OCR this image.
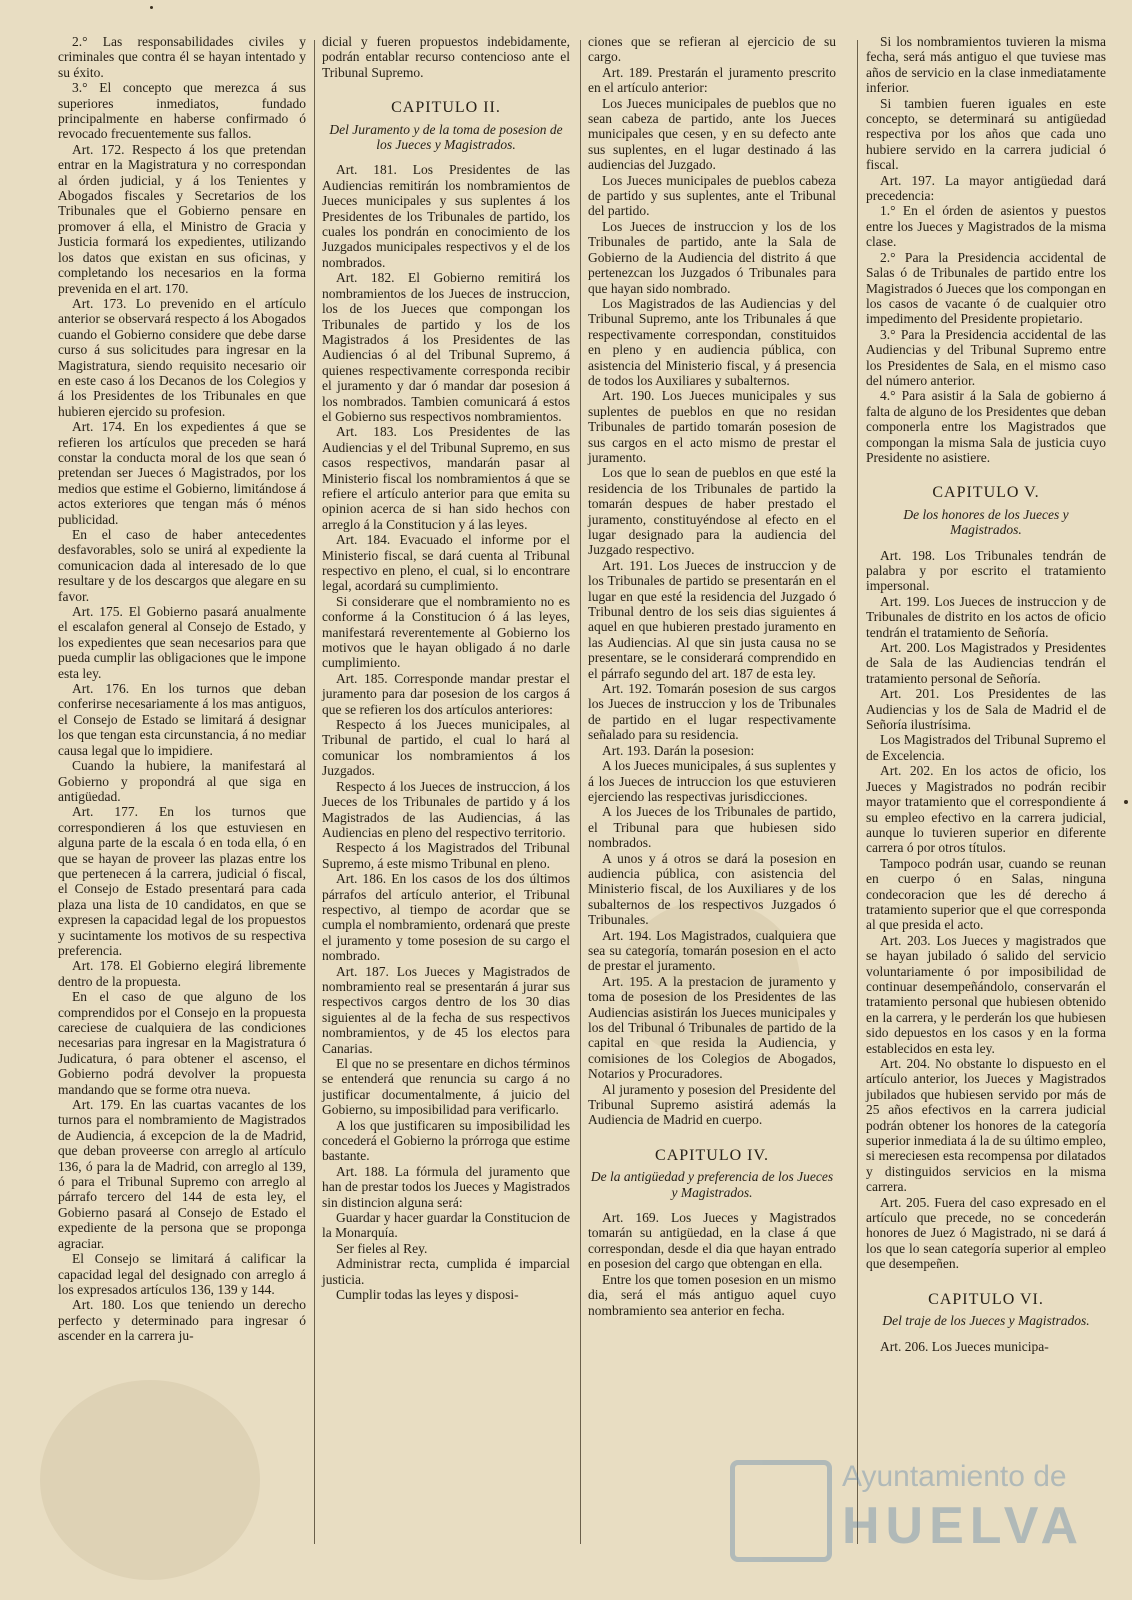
2.° Las responsabilidades civiles y criminales que contra él se hayan intentado y su éxito.

3.° El concepto que merezca á sus superiores inmediatos, fundado principalmente en haberse confirmado ó revocado frecuentemente sus fallos.

Art. 172. Respecto á los que pretendan entrar en la Magistratura y no correspondan al órden judicial, y á los Tenientes y Abogados fiscales y Secretarios de los Tribunales que el Gobierno pensare en promover á ella, el Ministro de Gracia y Justicia formará los expedientes, utilizando los datos que existan en sus oficinas, y completando los necesarios en la forma prevenida en el art. 170.

Art. 173. Lo prevenido en el artículo anterior se observará respecto á los Abogados cuando el Gobierno considere que debe darse curso á sus solicitudes para ingresar en la Magistratura, siendo requisito necesario oir en este caso á los Decanos de los Colegios y á los Presidentes de los Tribunales en que hubieren ejercido su profesion.

Art. 174. En los expedientes á que se refieren los artículos que preceden se hará constar la conducta moral de los que sean ó pretendan ser Jueces ó Magistrados, por los medios que estime el Gobierno, limitándose á actos exteriores que tengan más ó ménos publicidad.

En el caso de haber antecedentes desfavorables, solo se unirá al expediente la comunicacion dada al interesado de lo que resultare y de los descargos que alegare en su favor.

Art. 175. El Gobierno pasará anualmente el escalafon general al Consejo de Estado, y los expedientes que sean necesarios para que pueda cumplir las obligaciones que le impone esta ley.

Art. 176. En los turnos que deban conferirse necesariamente á los mas antiguos, el Consejo de Estado se limitará á designar los que tengan esta circunstancia, á no mediar causa legal que lo impidiere.

Cuando la hubiere, la manifestará al Gobierno y propondrá al que siga en antigüedad.

Art. 177. En los turnos que correspondieren á los que estuviesen en alguna parte de la escala ó en toda ella, ó en que se hayan de proveer las plazas entre los que pertenecen á la carrera, judicial ó fiscal, el Consejo de Estado presentará para cada plaza una lista de 10 candidatos, en que se expresen la capacidad legal de los propuestos y sucintamente los motivos de su respectiva preferencia.

Art. 178. El Gobierno elegirá libremente dentro de la propuesta.

En el caso de que alguno de los comprendidos por el Consejo en la propuesta careciese de cualquiera de las condiciones necesarias para ingresar en la Magistratura ó Judicatura, ó para obtener el ascenso, el Gobierno podrá devolver la propuesta mandando que se forme otra nueva.

Art. 179. En las cuartas vacantes de los turnos para el nombramiento de Magistrados de Audiencia, á excepcion de la de Madrid, que deban proveerse con arreglo al artículo 136, ó para la de Madrid, con arreglo al 139, ó para el Tribunal Supremo con arreglo al párrafo tercero del 144 de esta ley, el Gobierno pasará al Consejo de Estado el expediente de la persona que se proponga agraciar.

El Consejo se limitará á calificar la capacidad legal del designado con arreglo á los expresados artículos 136, 139 y 144.

Art. 180. Los que teniendo un derecho perfecto y determinado para ingresar ó ascender en la carrera ju-

dicial y fueren propuestos indebidamente, podrán entablar recurso contencioso ante el Tribunal Supremo.

CAPITULO II.
Del Juramento y de la toma de posesion de los Jueces y Magistrados.

Art. 181. Los Presidentes de las Audiencias remitirán los nombramientos de Jueces municipales y sus suplentes á los Presidentes de los Tribunales de partido, los cuales los pondrán en conocimiento de los Juzgados municipales respectivos y el de los nombrados.

Art. 182. El Gobierno remitirá los nombramientos de los Jueces de instruccion, los de los Jueces que compongan los Tribunales de partido y los de los Magistrados á los Presidentes de las Audiencias ó al del Tribunal Supremo, á quienes respectivamente corresponda recibir el juramento y dar ó mandar dar posesion á los nombrados. Tambien comunicará á estos el Gobierno sus respectivos nombramientos.

Art. 183. Los Presidentes de las Audiencias y el del Tribunal Supremo, en sus casos respectivos, mandarán pasar al Ministerio fiscal los nombramientos á que se refiere el artículo anterior para que emita su opinion acerca de si han sido hechos con arreglo á la Constitucion y á las leyes.

Art. 184. Evacuado el informe por el Ministerio fiscal, se dará cuenta al Tribunal respectivo en pleno, el cual, si lo encontrare legal, acordará su cumplimiento.

Si considerare que el nombramiento no es conforme á la Constitucion ó á las leyes, manifestará reverentemente al Gobierno los motivos que le hayan obligado á no darle cumplimiento.

Art. 185. Corresponde mandar prestar el juramento para dar posesion de los cargos á que se refieren los dos artículos anteriores:

Respecto á los Jueces municipales, al Tribunal de partido, el cual lo hará al comunicar los nombramientos á los Juzgados.

Respecto á los Jueces de instruccion, á los Jueces de los Tribunales de partido y á los Magistrados de las Audiencias, á las Audiencias en pleno del respectivo territorio.

Respecto á los Magistrados del Tribunal Supremo, á este mismo Tribunal en pleno.

Art. 186. En los casos de los dos últimos párrafos del artículo anterior, el Tribunal respectivo, al tiempo de acordar que se cumpla el nombramiento, ordenará que preste el juramento y tome posesion de su cargo el nombrado.

Art. 187. Los Jueces y Magistrados de nombramiento real se presentarán á jurar sus respectivos cargos dentro de los 30 dias siguientes al de la fecha de sus respectivos nombramientos, y de 45 los electos para Canarias.

El que no se presentare en dichos términos se entenderá que renuncia su cargo á no justificar documentalmente, á juicio del Gobierno, su imposibilidad para verificarlo.

A los que justificaren su imposibilidad les concederá el Gobierno la prórroga que estime bastante.

Art. 188. La fórmula del juramento que han de prestar todos los Jueces y Magistrados sin distincion alguna será:

Guardar y hacer guardar la Constitucion de la Monarquía.

Ser fieles al Rey.

Administrar recta, cumplida é imparcial justicia.

Cumplir todas las leyes y disposi-

ciones que se refieran al ejercicio de su cargo.

Art. 189. Prestarán el juramento prescrito en el artículo anterior:

Los Jueces municipales de pueblos que no sean cabeza de partido, ante los Jueces municipales que cesen, y en su defecto ante sus suplentes, en el lugar destinado á las audiencias del Juzgado.

Los Jueces municipales de pueblos cabeza de partido y sus suplentes, ante el Tribunal del partido.

Los Jueces de instruccion y los de los Tribunales de partido, ante la Sala de Gobierno de la Audiencia del distrito á que pertenezcan los Juzgados ó Tribunales para que hayan sido nombrado.

Los Magistrados de las Audiencias y del Tribunal Supremo, ante los Tribunales á que respectivamente correspondan, constituidos en pleno y en audiencia pública, con asistencia del Ministerio fiscal, y á presencia de todos los Auxiliares y subalternos.

Art. 190. Los Jueces municipales y sus suplentes de pueblos en que no residan Tribunales de partido tomarán posesion de sus cargos en el acto mismo de prestar el juramento.

Los que lo sean de pueblos en que esté la residencia de los Tribunales de partido la tomarán despues de haber prestado el juramento, constituyéndose al efecto en el lugar designado para la audiencia del Juzgado respectivo.

Art. 191. Los Jueces de instruccion y de los Tribunales de partido se presentarán en el lugar en que esté la residencia del Juzgado ó Tribunal dentro de los seis dias siguientes á aquel en que hubieren prestado juramento en las Audiencias. Al que sin justa causa no se presentare, se le considerará comprendido en el párrafo segundo del art. 187 de esta ley.

Art. 192. Tomarán posesion de sus cargos los Jueces de instruccion y los de Tribunales de partido en el lugar respectivamente señalado para su residencia.

Art. 193. Darán la posesion:

A los Jueces municipales, á sus suplentes y á los Jueces de intruccion los que estuvieren ejerciendo las respectivas jurisdicciones.

A los Jueces de los Tribunales de partido, el Tribunal para que hubiesen sido nombrados.

A unos y á otros se dará la posesion en audiencia pública, con asistencia del Ministerio fiscal, de los Auxiliares y de los subalternos de los respectivos Juzgados ó Tribunales.

Art. 194. Los Magistrados, cualquiera que sea su categoría, tomarán posesion en el acto de prestar el juramento.

Art. 195. A la prestacion de juramento y toma de posesion de los Presidentes de las Audiencias asistirán los Jueces municipales y los del Tribunal ó Tribunales de partido de la capital en que resida la Audiencia, y comisiones de los Colegios de Abogados, Notarios y Procuradores.

Al juramento y posesion del Presidente del Tribunal Supremo asistirá además la Audiencia de Madrid en cuerpo.

CAPITULO IV.
De la antigüedad y preferencia de los Jueces y Magistrados.

Art. 169. Los Jueces y Magistrados tomarán su antigüedad, en la clase á que correspondan, desde el dia que hayan entrado en posesion del cargo que obtengan en ella.

Entre los que tomen posesion en un mismo dia, será el más antiguo aquel cuyo nombramiento sea anterior en fecha.

Si los nombramientos tuvieren la misma fecha, será más antiguo el que tuviese mas años de servicio en la clase inmediatamente inferior.

Si tambien fueren iguales en este concepto, se determinará su antigüedad respectiva por los años que cada uno hubiere servido en la carrera judicial ó fiscal.

Art. 197. La mayor antigüedad dará precedencia:

1.° En el órden de asientos y puestos entre los Jueces y Magistrados de la misma clase.

2.° Para la Presidencia accidental de Salas ó de Tribunales de partido entre los Magistrados ó Jueces que los compongan en los casos de vacante ó de cualquier otro impedimento del Presidente propietario.

3.° Para la Presidencia accidental de las Audiencias y del Tribunal Supremo entre los Presidentes de Sala, en el mismo caso del número anterior.

4.° Para asistir á la Sala de gobierno á falta de alguno de los Presidentes que deban componerla entre los Magistrados que compongan la misma Sala de justicia cuyo Presidente no asistiere.

CAPITULO V.
De los honores de los Jueces y Magistrados.

Art. 198. Los Tribunales tendrán de palabra y por escrito el tratamiento impersonal.

Art. 199. Los Jueces de instruccion y de Tribunales de distrito en los actos de oficio tendrán el tratamiento de Señoría.

Art. 200. Los Magistrados y Presidentes de Sala de las Audiencias tendrán el tratamiento personal de Señoría.

Art. 201. Los Presidentes de las Audiencias y los de Sala de Madrid el de Señoría ilustrísima.

Los Magistrados del Tribunal Supremo el de Excelencia.

Art. 202. En los actos de oficio, los Jueces y Magistrados no podrán recibir mayor tratamiento que el correspondiente á su empleo efectivo en la carrera judicial, aunque lo tuvieren superior en diferente carrera ó por otros títulos.

Tampoco podrán usar, cuando se reunan en cuerpo ó en Salas, ninguna condecoracion que les dé derecho á tratamiento superior que el que corresponda al que presida el acto.

Art. 203. Los Jueces y magistrados que se hayan jubilado ó salido del servicio voluntariamente ó por imposibilidad de continuar desempeñándolo, conservarán el tratamiento personal que hubiesen obtenido en la carrera, y le perderán los que hubiesen sido depuestos en los casos y en la forma establecidos en esta ley.

Art. 204. No obstante lo dispuesto en el artículo anterior, los Jueces y Magistrados jubilados que hubiesen servido por más de 25 años efectivos en la carrera judicial podrán obtener los honores de la categoría superior inmediata á la de su último empleo, si mereciesen esta recompensa por dilatados y distinguidos servicios en la misma carrera.

Art. 205. Fuera del caso expresado en el artículo que precede, no se concederán honores de Juez ó Magistrado, ni se dará á los que lo sean categoría superior al empleo que desempeñen.

CAPITULO VI.
Del traje de los Jueces y Magistrados.

Art. 206. Los Jueces municipa-

Ayuntamiento de
HUELVA
